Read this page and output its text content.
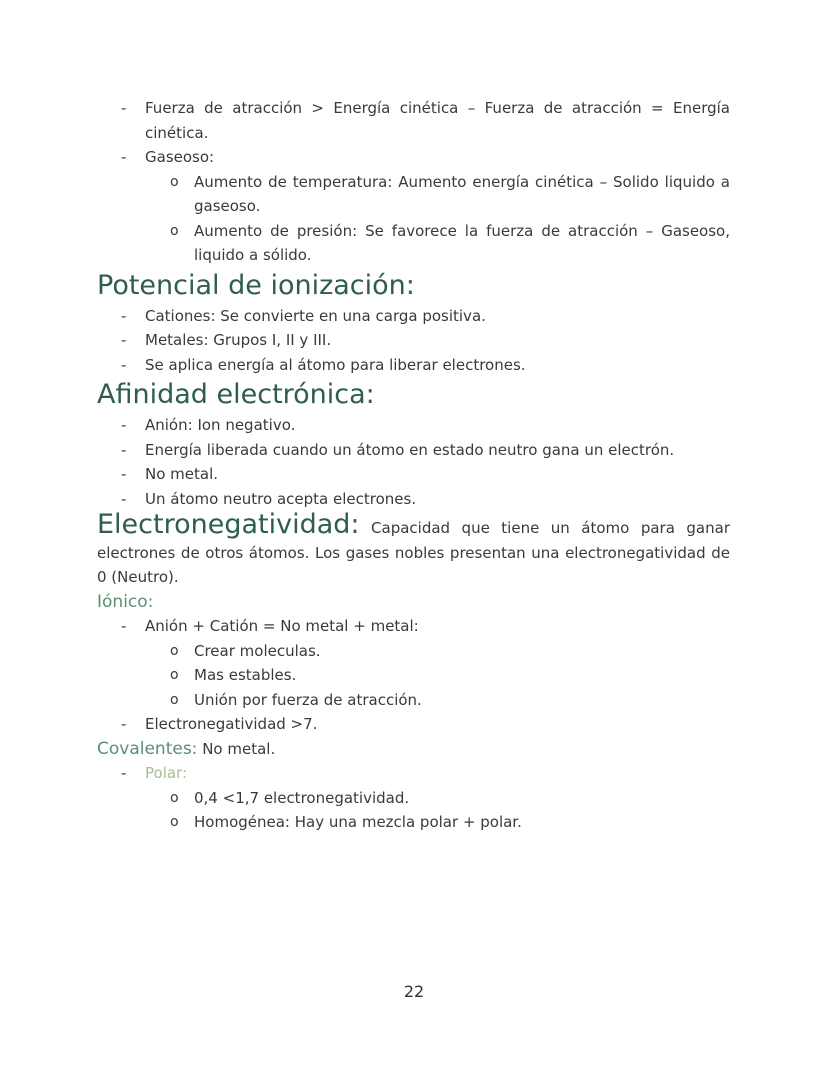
-	Fuerza de atracción > Energía cinética – Fuerza de atracción = Energía cinética.
-	Gaseoso:
o Aumento de temperatura: Aumento energía cinética – Solido liquido a gaseoso.
o Aumento de presión: Se favorece la fuerza de atracción – Gaseoso, liquido a sólido.
Potencial de ionización:
-	Cationes: Se convierte en una carga positiva.
-	Metales: Grupos I, II y III.
-	Se aplica energía al átomo para liberar electrones.
Afinidad electrónica:
-	Anión: Ion negativo.
-	Energía liberada cuando un átomo en estado neutro gana un electrón.
-	No metal.
-	Un átomo neutro acepta electrones.
Electronegatividad: Capacidad que tiene un átomo para ganar electrones de otros átomos. Los gases nobles presentan una electronegatividad de 0 (Neutro).
Iónico:
-	Anión + Catión = No metal + metal:
o Crear moleculas.
o Mas estables.
o Unión por fuerza de atracción.
-	Electronegatividad >7.
Covalentes: No metal.
-	Polar:
o 0,4 <1,7 electronegatividad.
o Homogénea: Hay una mezcla polar + polar.
22
